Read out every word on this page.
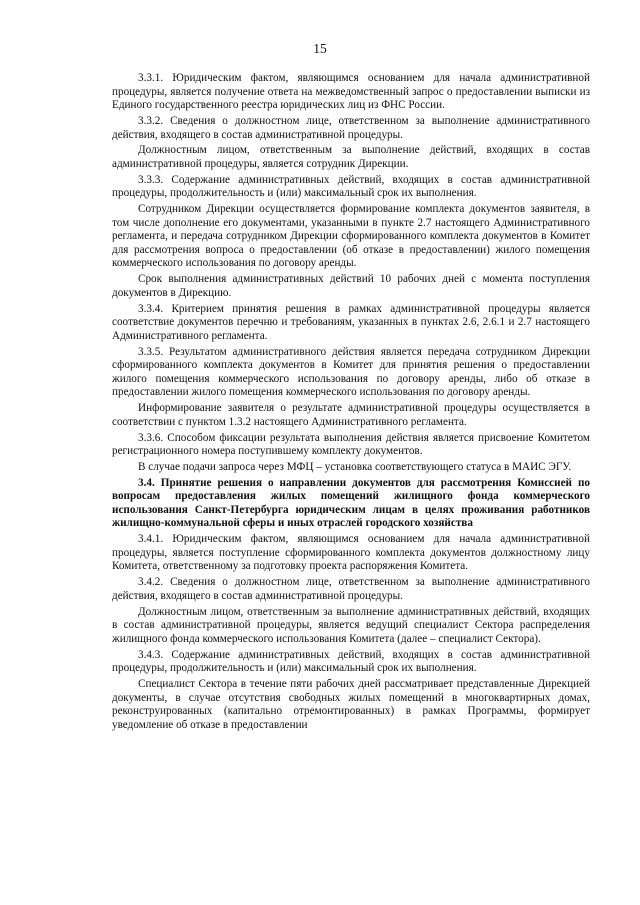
15

3.3.1. Юридическим фактом, являющимся основанием для начала административной процедуры, является получение ответа на межведомственный запрос о предоставлении выписки из Единого государственного реестра юридических лиц из ФНС России.

3.3.2. Сведения о должностном лице, ответственном за выполнение административного действия, входящего в состав административной процедуры.

Должностным лицом, ответственным за выполнение действий, входящих в состав административной процедуры, является сотрудник Дирекции.

3.3.3. Содержание административных действий, входящих в состав административной процедуры, продолжительность и (или) максимальный срок их выполнения.

Сотрудником Дирекции осуществляется формирование комплекта документов заявителя, в том числе дополнение его документами, указанными в пункте 2.7 настоящего Административного регламента, и передача сотрудником Дирекции сформированного комплекта документов в Комитет для рассмотрения вопроса о предоставлении (об отказе в предоставлении) жилого помещения коммерческого использования по договору аренды.

Срок выполнения административных действий 10 рабочих дней с момента поступления документов в Дирекцию.

3.3.4. Критерием принятия решения в рамках административной процедуры является соответствие документов перечню и требованиям, указанных в пунктах 2.6, 2.6.1 и 2.7 настоящего Административного регламента.

3.3.5. Результатом административного действия является передача сотрудником Дирекции сформированного комплекта документов в Комитет для принятия решения о предоставлении жилого помещения коммерческого использования по договору аренды, либо об отказе в предоставлении жилого помещения коммерческого использования по договору аренды.

Информирование заявителя о результате административной процедуры осуществляется в соответствии с пунктом 1.3.2 настоящего Административного регламента.

3.3.6. Способом фиксации результата выполнения действия является присвоение Комитетом регистрационного номера поступившему комплекту документов.

В случае подачи запроса через МФЦ – установка соответствующего статуса в МАИС ЭГУ.

3.4. Принятие решения о направлении документов для рассмотрения Комиссией по вопросам предоставления жилых помещений жилищного фонда коммерческого использования Санкт-Петербурга юридическим лицам в целях проживания работников жилищно-коммунальной сферы и иных отраслей городского хозяйства

3.4.1. Юридическим фактом, являющимся основанием для начала административной процедуры, является поступление сформированного комплекта документов должностному лицу Комитета, ответственному за подготовку проекта распоряжения Комитета.

3.4.2. Сведения о должностном лице, ответственном за выполнение административного действия, входящего в состав административной процедуры.

Должностным лицом, ответственным за выполнение административных действий, входящих в состав административной процедуры, является ведущий специалист Сектора распределения жилищного фонда коммерческого использования Комитета (далее – специалист Сектора).

3.4.3. Содержание административных действий, входящих в состав административной процедуры, продолжительность и (или) максимальный срок их выполнения.

Специалист Сектора в течение пяти рабочих дней рассматривает представленные Дирекцией документы, в случае отсутствия свободных жилых помещений в многоквартирных домах, реконструированных (капитально отремонтированных) в рамках Программы, формирует уведомление об отказе в предоставлении
